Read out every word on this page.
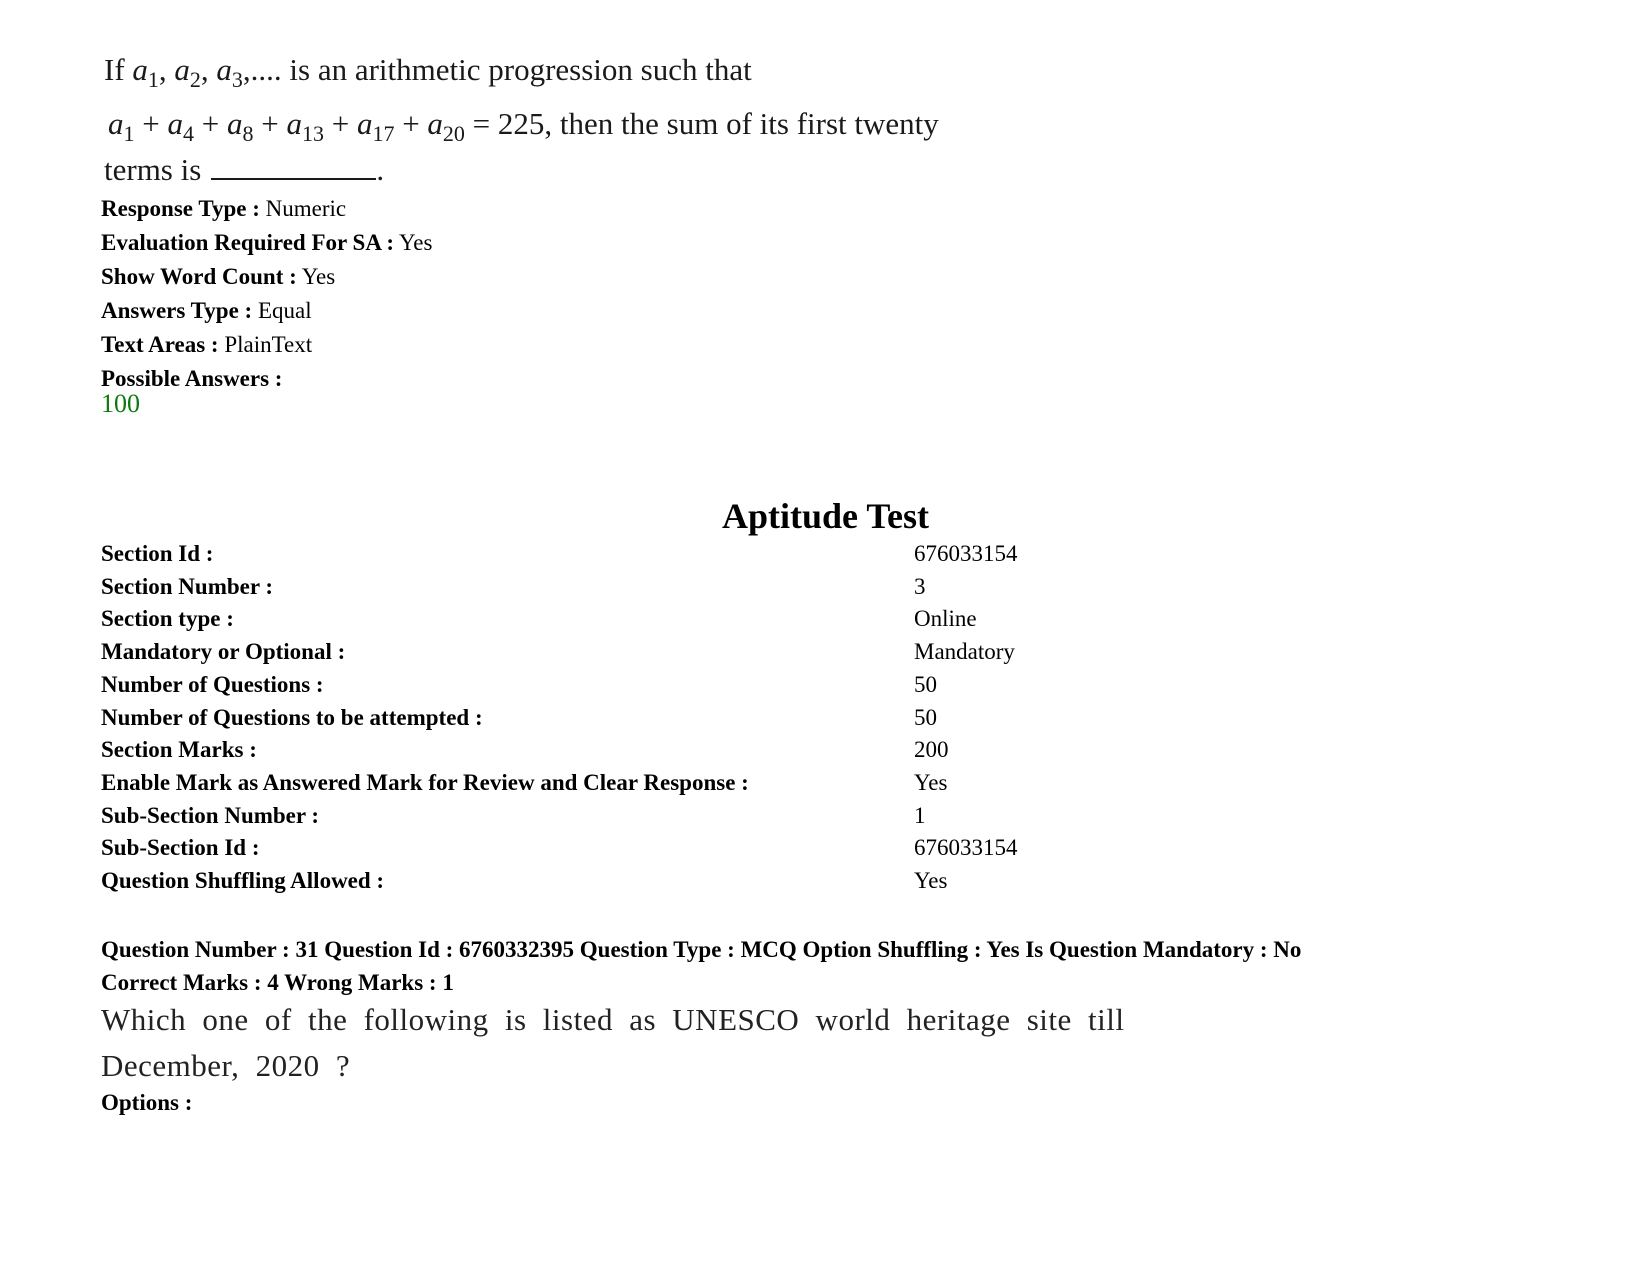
If $a_1$, $a_2$, $a_3$,.... is an arithmetic progression such that
$a_1 + a_4 + a_8 + a_{13} + a_{17} + a_{20} = 225$, then the sum of its first twenty
terms is	.
Response Type : Numeric
Evaluation Required For SA : Yes
Show Word Count : Yes
Answers Type : Equal
Text Areas : PlainText
Possible Answers :
100
Aptitude Test
Section Id :	676033154
Section Number :	3
Section type :	Online
Mandatory or Optional :	Mandatory
Number of Questions :	50
Number of Questions to be attempted :	50
Section Marks :	200
Enable Mark as Answered Mark for Review and Clear Response :	Yes
Sub-Section Number :	1
Sub-Section Id :	676033154
Question Shuffling Allowed :	Yes
Question Number : 31 Question Id : 6760332395 Question Type : MCQ Option Shuffling : Yes Is Question Mandatory : No
Correct Marks : 4 Wrong Marks : 1
Which one of the following is listed as UNESCO world heritage site till
December, 2020 ?
Options :
